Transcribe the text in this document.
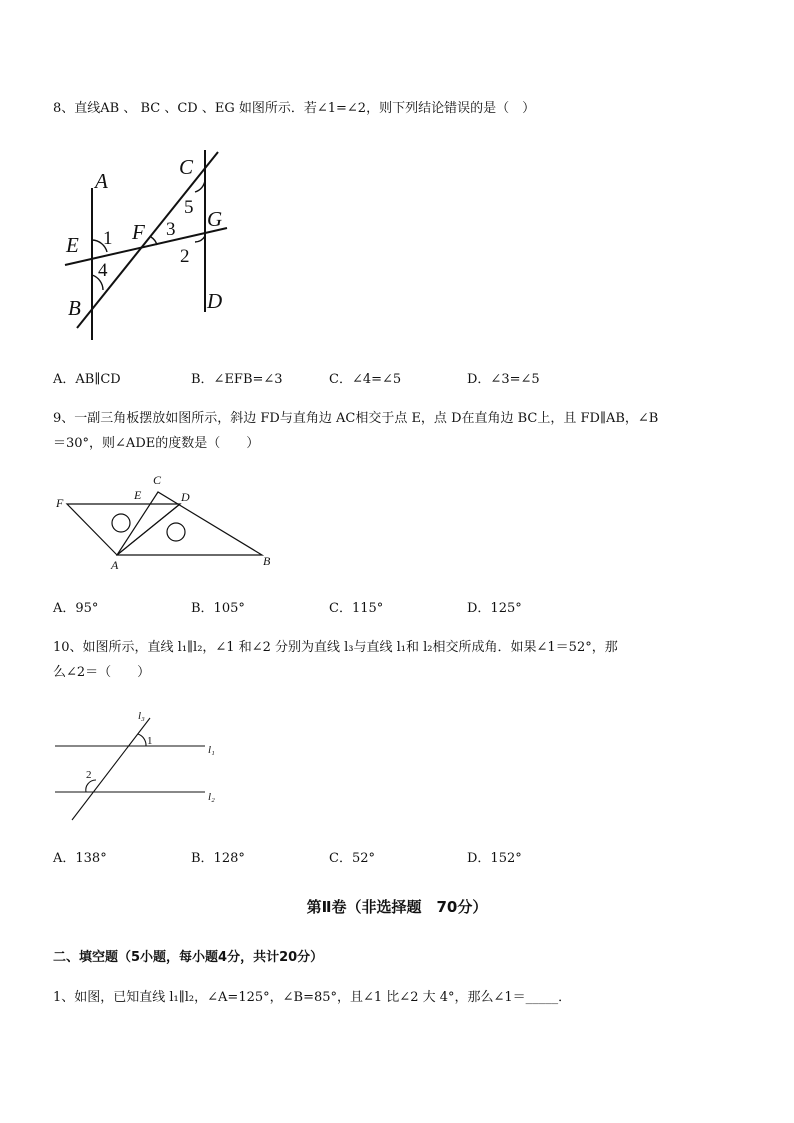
8、直线AB 、 BC 、CD 、EG 如图所示．若∠1=∠2，则下列结论错误的是（　）
A
B
C
D
E
F
G
1
2
3
4
5
A．AB∥CD	B．∠EFB=∠3	C．∠4=∠5	D．∠3=∠5
9、一副三角板摆放如图所示，斜边 FD与直角边 AC相交于点 E，点 D在直角边 BC上，且 FD∥AB，∠B
＝30°，则∠ADE的度数是（　　）
F
E
C
D
A	B
A．95°	B．105°	C．115°	D．125°
10、如图所示，直线 l₁∥l₂，∠1 和∠2 分别为直线 l₃与直线 l₁和 l₂相交所成角．如果∠1＝52°，那
么∠2＝（　　）
l₃
l₁
l₂
1
2
A．138°	B．128°	C．52°	D．152°
第Ⅱ卷（非选择题　70分）
二、填空题（5小题，每小题4分，共计20分）
1、如图，已知直线 l₁∥l₂，∠A=125°，∠B=85°，且∠1 比∠2 大 4°，那么∠1＝_____．
